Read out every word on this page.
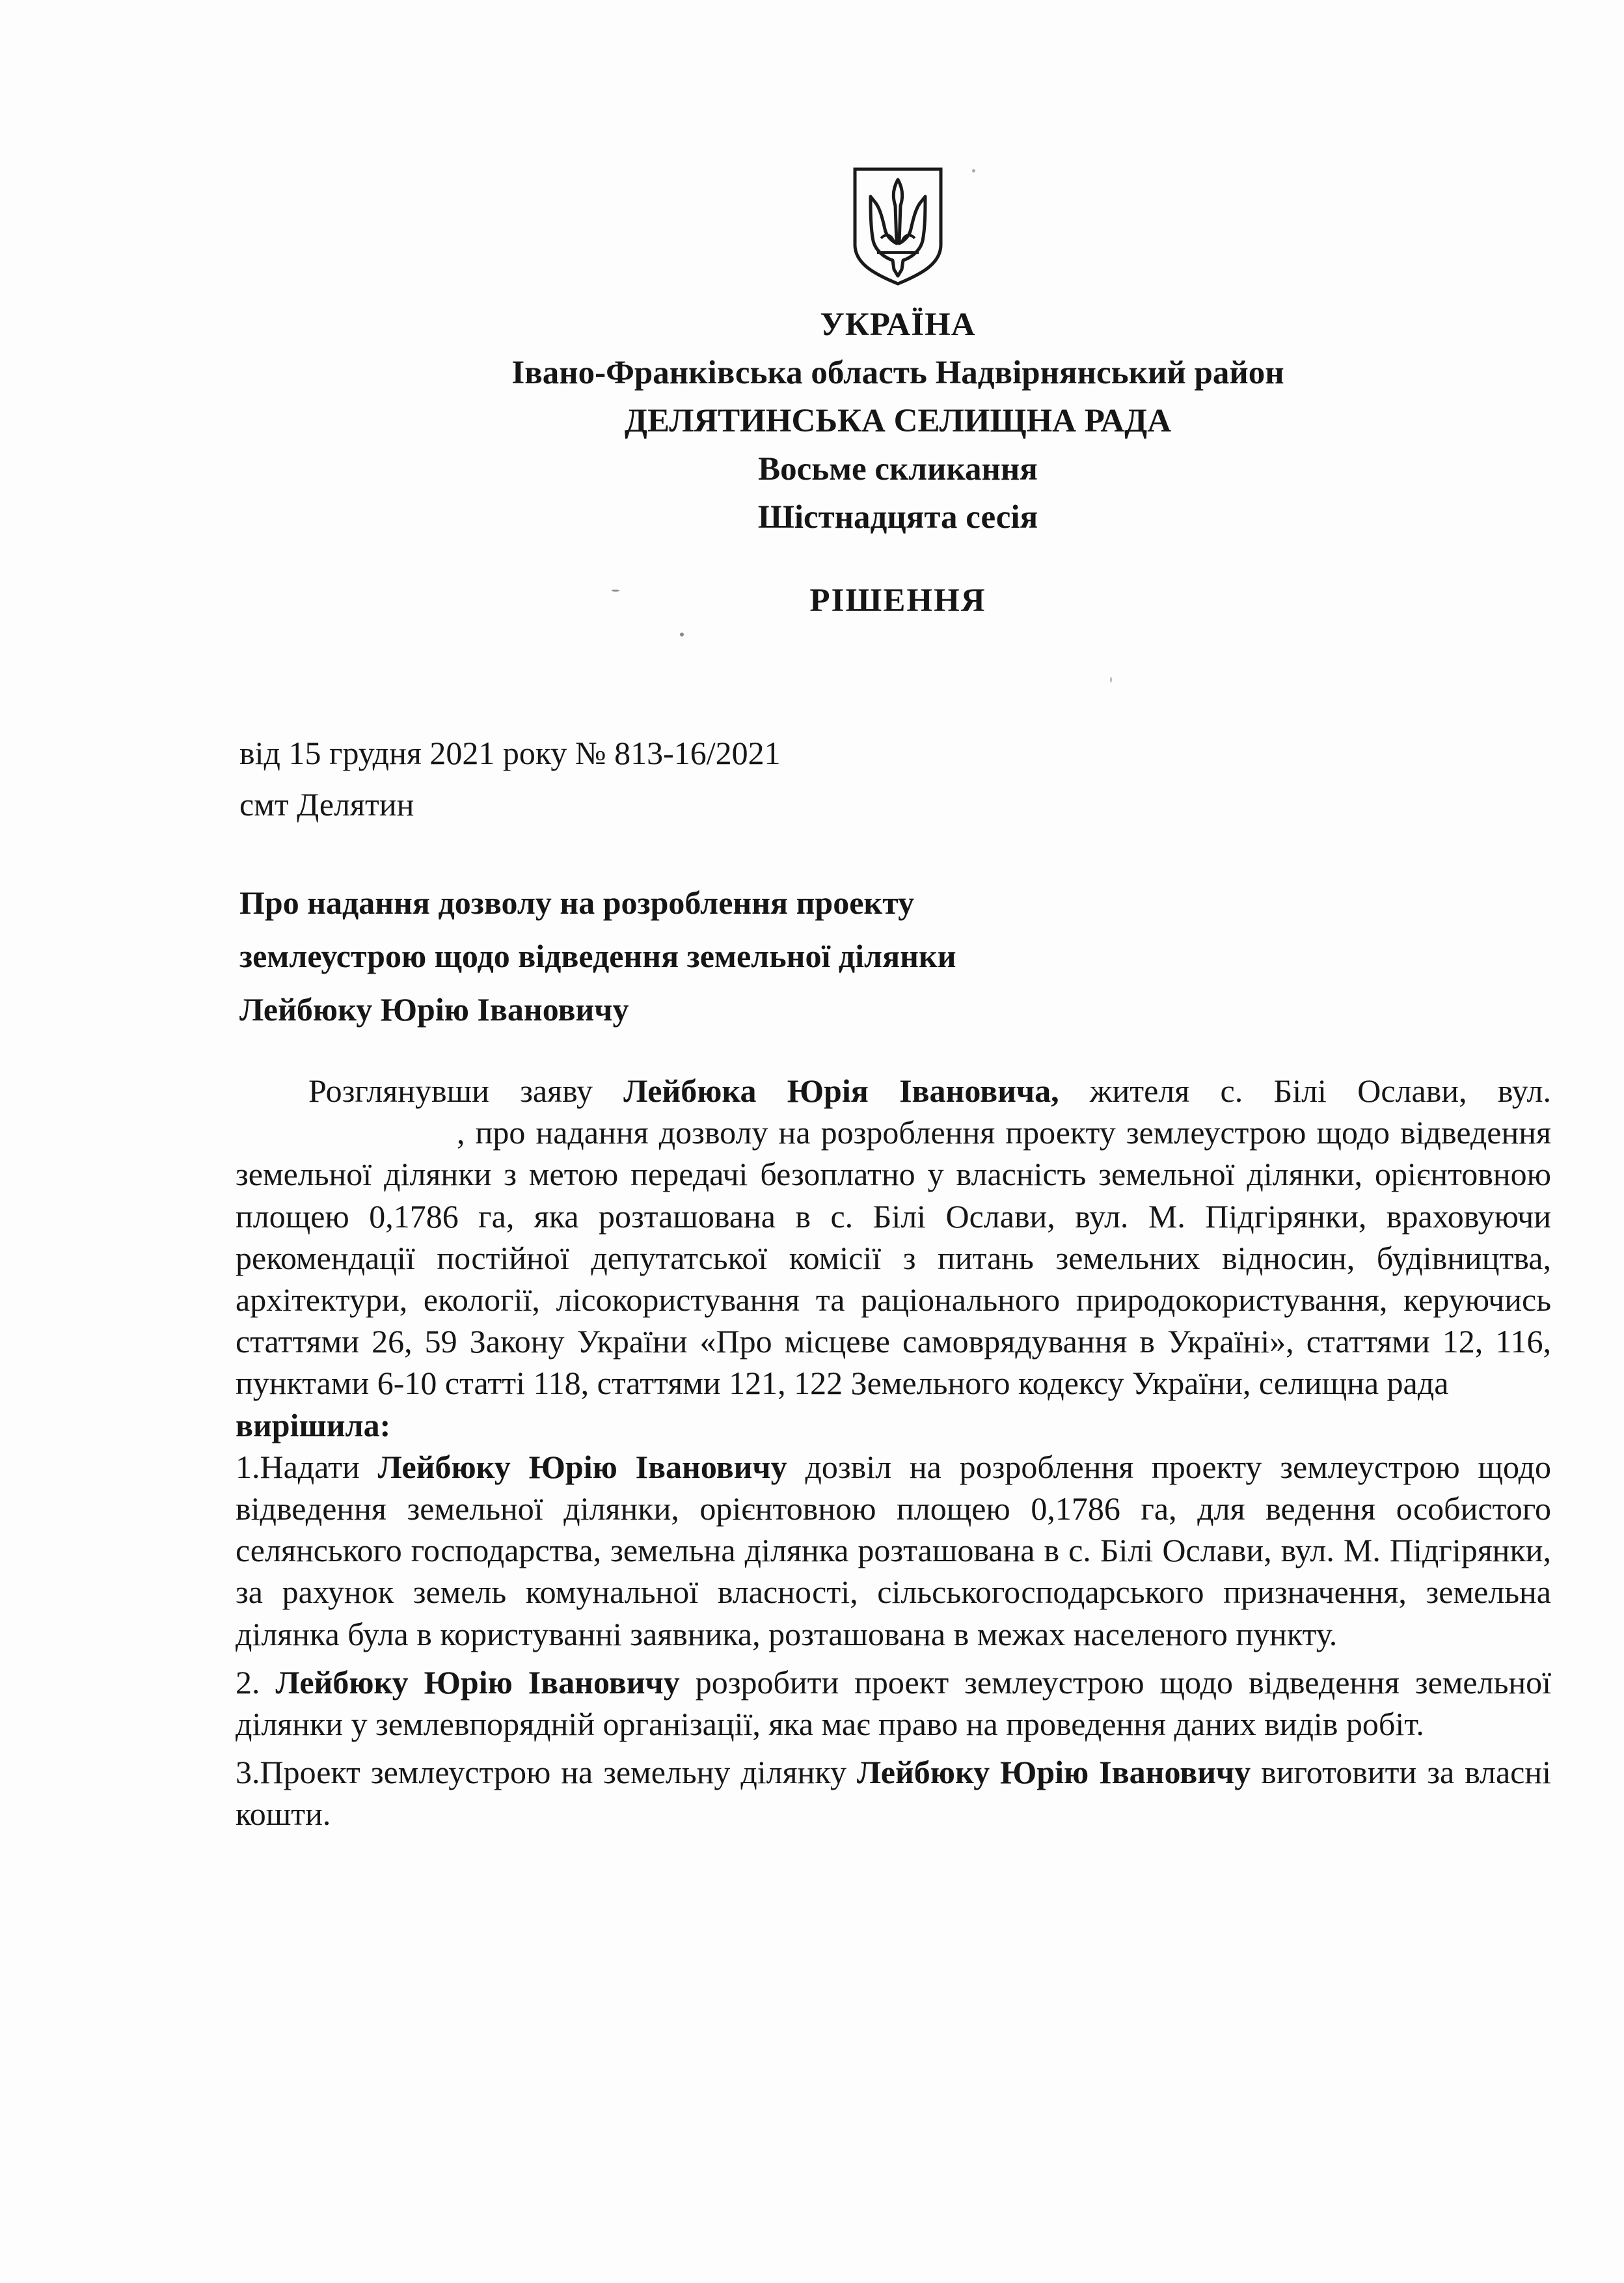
УКРАЇНА
Івано-Франківська область Надвірнянський район
ДЕЛЯТИНСЬКА СЕЛИЩНА РАДА
Восьме скликання
Шістнадцята сесія
РІШЕННЯ
від 15 грудня 2021 року № 813-16/2021
смт Делятин
Про надання дозволу на розроблення проекту
землеустрою щодо відведення земельної ділянки
Лейбюку Юрію Івановичу

Розглянувши заяву Лейбюка Юрія Івановича, жителя с. Білі Ослави, вул. , про надання дозволу на розроблення проекту землеустрою щодо відведення земельної ділянки з метою передачі безоплатно у власність земельної ділянки, орієнтовною площею 0,1786 га, яка розташована в с. Білі Ослави, вул. М. Підгірянки, враховуючи рекомендації постійної депутатської комісії з питань земельних відносин, будівництва, архітектури, екології, лісокористування та раціонального природокористування, керуючись статтями 26, 59 Закону України «Про місцеве самоврядування в Україні», статтями 12, 116, пунктами 6-10 статті 118, статтями 121, 122 Земельного кодексу України, селищна рада

вирішила:

1.Надати Лейбюку Юрію Івановичу дозвіл на розроблення проекту землеустрою щодо відведення земельної ділянки, орієнтовною площею 0,1786 га, для ведення особистого селянського господарства, земельна ділянка розташована в с. Білі Ослави, вул. М. Підгірянки, за рахунок земель комунальної власності, сільськогосподарського призначення, земельна ділянка була в користуванні заявника, розташована в межах населеного пункту.

2. Лейбюку Юрію Івановичу розробити проект землеустрою щодо відведення земельної ділянки у землевпорядній організації, яка має право на проведення даних видів робіт.

3.Проект землеустрою на земельну ділянку Лейбюку Юрію Івановичу виготовити за власні кошти.
